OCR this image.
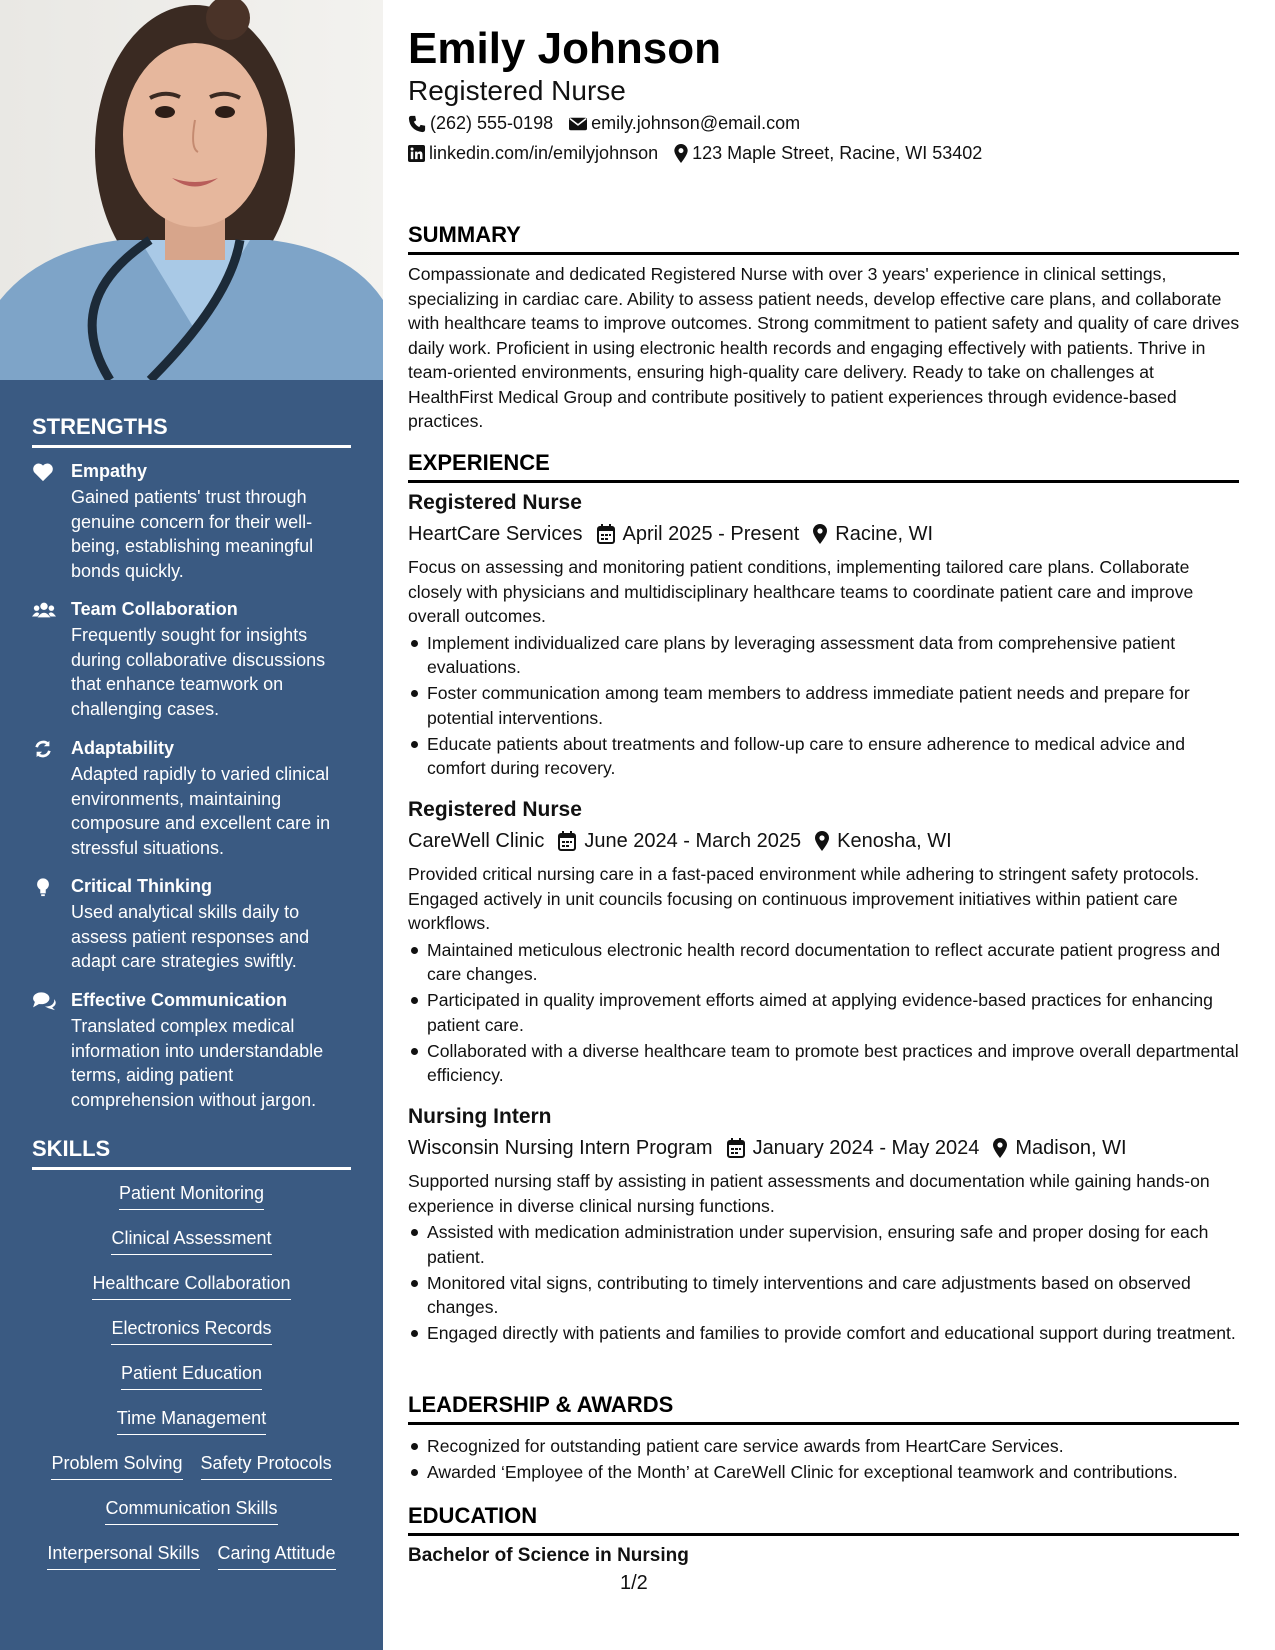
STRENGTHS
Empathy
Gained patients' trust through genuine concern for their well-being, establishing meaningful bonds quickly.
Team Collaboration
Frequently sought for insights during collaborative discussions that enhance teamwork on challenging cases.
Adaptability
Adapted rapidly to varied clinical environments, maintaining composure and excellent care in stressful situations.
Critical Thinking
Used analytical skills daily to assess patient responses and adapt care strategies swiftly.
Effective Communication
Translated complex medical information into understandable terms, aiding patient comprehension without jargon.
SKILLS
Patient Monitoring
Clinical Assessment
Healthcare Collaboration
Electronics Records
Patient Education
Time Management
Problem Solving Safety Protocols
Communication Skills
Interpersonal Skills Caring Attitude
Emily Johnson
Registered Nurse
(262) 555-0198 emily.johnson@email.com
linkedin.com/in/emilyjohnson 123 Maple Street, Racine, WI 53402
SUMMARY
Compassionate and dedicated Registered Nurse with over 3 years' experience in clinical settings, specializing in cardiac care. Ability to assess patient needs, develop effective care plans, and collaborate with healthcare teams to improve outcomes. Strong commitment to patient safety and quality of care drives daily work. Proficient in using electronic health records and engaging effectively with patients. Thrive in team-oriented environments, ensuring high-quality care delivery. Ready to take on challenges at HealthFirst Medical Group and contribute positively to patient experiences through evidence-based practices.
EXPERIENCE
Registered Nurse
HeartCare Services April 2025 - Present Racine, WI
Focus on assessing and monitoring patient conditions, implementing tailored care plans. Collaborate closely with physicians and multidisciplinary healthcare teams to coordinate patient care and improve overall outcomes.
Implement individualized care plans by leveraging assessment data from comprehensive patient evaluations.
Foster communication among team members to address immediate patient needs and prepare for potential interventions.
Educate patients about treatments and follow-up care to ensure adherence to medical advice and comfort during recovery.
Registered Nurse
CareWell Clinic June 2024 - March 2025 Kenosha, WI
Provided critical nursing care in a fast-paced environment while adhering to stringent safety protocols. Engaged actively in unit councils focusing on continuous improvement initiatives within patient care workflows.
Maintained meticulous electronic health record documentation to reflect accurate patient progress and care changes.
Participated in quality improvement efforts aimed at applying evidence-based practices for enhancing patient care.
Collaborated with a diverse healthcare team to promote best practices and improve overall departmental efficiency.
Nursing Intern
Wisconsin Nursing Intern Program January 2024 - May 2024 Madison, WI
Supported nursing staff by assisting in patient assessments and documentation while gaining hands-on experience in diverse clinical nursing functions.
Assisted with medication administration under supervision, ensuring safe and proper dosing for each patient.
Monitored vital signs, contributing to timely interventions and care adjustments based on observed changes.
Engaged directly with patients and families to provide comfort and educational support during treatment.
LEADERSHIP & AWARDS
Recognized for outstanding patient care service awards from HeartCare Services.
Awarded ‘Employee of the Month’ at CareWell Clinic for exceptional teamwork and contributions.
EDUCATION
Bachelor of Science in Nursing
1/2
